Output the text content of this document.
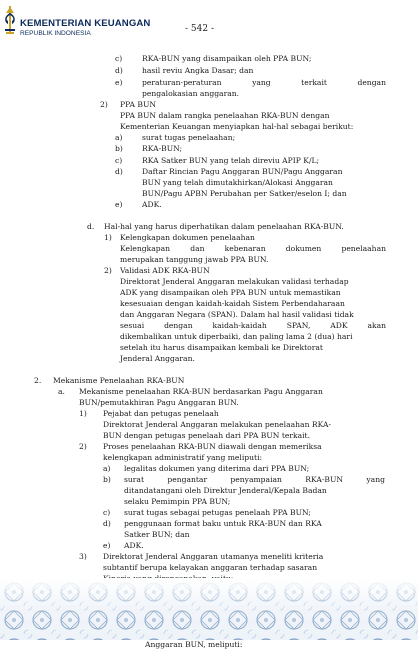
KEMENTERIAN KEUANGAN
REPUBLIK INDONESIA	- 542 -
c)	RKA-BUN yang disampaikan oleh PPA BUN;
d)	hasil reviu Angka Dasar; dan
e)	peraturan-peraturan	yang	terkait	dengan
pengalokasian anggaran.
2) PPA BUN
PPA BUN dalam rangka penelaahan RKA-BUN dengan
Kementerian Keuangan menyiapkan hal-hal sebagai berikut:
a)	surat tugas penelaahan;
b)	RKA-BUN;
c)	RKA Satker BUN yang telah direviu APIP K/L;
d)	Daftar Rincian Pagu Anggaran BUN/Pagu Anggaran
BUN yang telah dimutakhirkan/Alokasi Anggaran
BUN/Pagu APBN Perubahan per Satker/eselon I; dan
e)	ADK.
d. Hal-hal yang harus diperhatikan dalam penelaahan RKA-BUN.
1) Kelengkapan dokumen penelaahan
Kelengkapan	dan	kebenaran	dokumen	penelaahan
merupakan tanggung jawab PPA BUN.
2) Validasi ADK RKA-BUN
Direktorat Jenderal Anggaran melakukan validasi terhadap
ADK yang disampaikan oleh PPA BUN untuk memastikan
kesesuaian dengan kaidah-kaidah Sistem Perbendaharaan
dan Anggaran Negara (SPAN). Dalam hal hasil validasi tidak
sesuai	dengan	kaidah-kaidah	SPAN,	ADK	akan
dikembalikan untuk diperbaiki, dan paling lama 2 (dua) hari
setelah itu harus disampaikan kembali ke Direktorat
Jenderal Anggaran.
2. Mekanisme Penelaahan RKA-BUN
a. Mekanisme penelaahan RKA-BUN berdasarkan Pagu Anggaran
BUN/pemutakhiran Pagu Anggaran BUN.
1) Pejabat dan petugas penelaah
Direktorat Jenderal Anggaran melakukan penelaahan RKA-
BUN dengan petugas penelaah dari PPA BUN terkait.
2) Proses penelaahan RKA-BUN diawali dengan memeriksa
kelengkapan administratif yang meliputi:
a) legalitas dokumen yang diterima dari PPA BUN;
b) surat	pengantar	penyampaian	RKA-BUN	yang
ditandatangani oleh Direktur Jenderal/Kepala Badan
selaku Pemimpin PPA BUN;
c) surat tugas sebagai petugas penelaah PPA BUN;
d) penggunaan format baku untuk RKA-BUN dan RKA
Satker BUN; dan
e) ADK.
3) Direktorat Jenderal Anggaran utamanya meneliti kriteria
subtantif berupa kelayakan anggaran terhadap sasaran
Anggaran BUN, meliputi:
